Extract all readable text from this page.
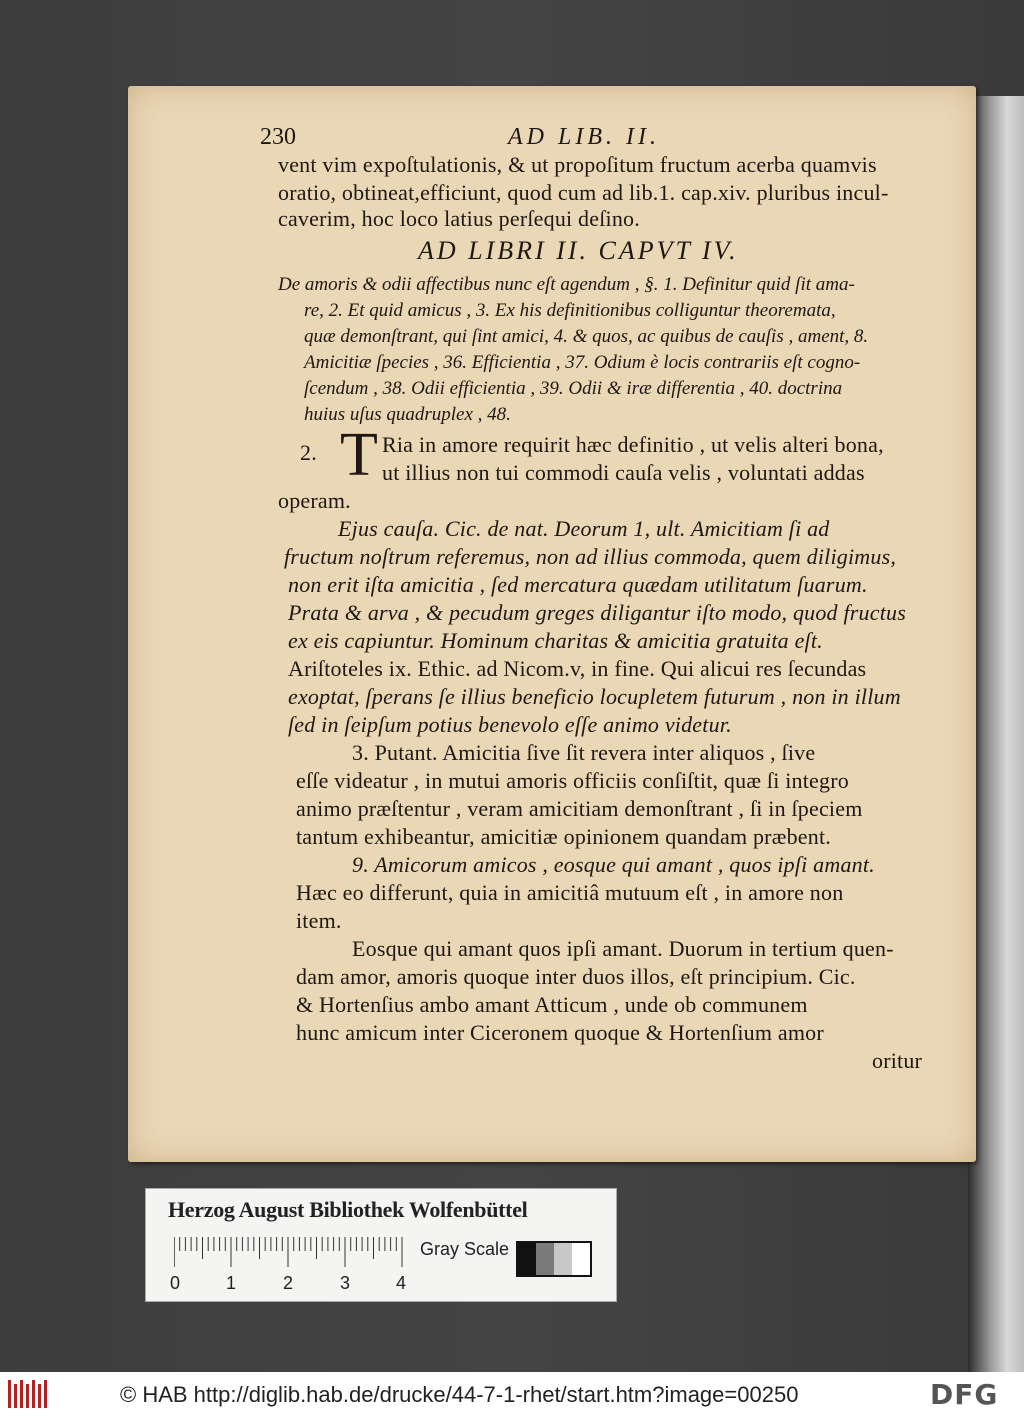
230	AD LIB. II.
vent vim expoſtulationis, & ut propoſitum fructum acerba quamvis
oratio, obtineat,efficiunt, quod cum ad lib.1. cap.xiv. pluribus incul-
caverim, hoc loco latius perſequi deſino.
AD LIBRI II. CAPVT IV.
De amoris & odii affectibus nunc eſt agendum , §. 1. Definitur quid ſit ama-
re, 2. Et quid amicus , 3. Ex his definitionibus colliguntur theoremata,
quæ demonſtrant, qui ſint amici, 4. & quos, ac quibus de cauſis , ament, 8.
Amicitiæ ſpecies , 36. Efficientia , 37. Odium è locis contrariis eſt cogno-
ſcendum , 38. Odii efficientia , 39. Odii & iræ differentia , 40. doctrina
huius uſus quadruplex , 48.
2. T Ria in amore requirit hæc definitio , ut velis alteri bona,
ut illius non tui commodi cauſa velis , voluntati addas
operam.
Ejus cauſa. Cic. de nat. Deorum 1, ult. Amicitiam ſi ad
fructum noſtrum referemus, non ad illius commoda, quem diligimus,
non erit iſta amicitia , ſed mercatura quædam utilitatum ſuarum.
Prata & arva , & pecudum greges diligantur iſto modo, quod fructus
ex eis capiuntur. Hominum charitas & amicitia gratuita eſt.
Ariſtoteles ix. Ethic. ad Nicom.v, in fine. Qui alicui res ſecundas
exoptat, ſperans ſe illius beneficio locupletem futurum , non in illum
ſed in ſeipſum potius benevolo eſſe animo videtur.
3. Putant. Amicitia ſive ſit revera inter aliquos , ſive
eſſe videatur , in mutui amoris officiis conſiſtit, quæ ſi integro
animo præſtentur , veram amicitiam demonſtrant , ſi in ſpeciem
tantum exhibeantur, amicitiæ opinionem quandam præbent.
9. Amicorum amicos , eosque qui amant , quos ipſi amant.
Hæc eo differunt, quia in amicitiâ mutuum eſt , in amore non
item.
Eosque qui amant quos ipſi amant. Duorum in tertium quen-
dam amor, amoris quoque inter duos illos, eſt principium. Cic.
& Hortenſius ambo amant Atticum , unde ob communem
hunc amicum inter Ciceronem quoque & Hortenſium amor
oritur
Herzog August Bibliothek Wolfenbüttel
0	1	2	3	4
Gray Scale
© HAB http://diglib.hab.de/drucke/44-7-1-rhet/start.htm?image=00250	DFG
